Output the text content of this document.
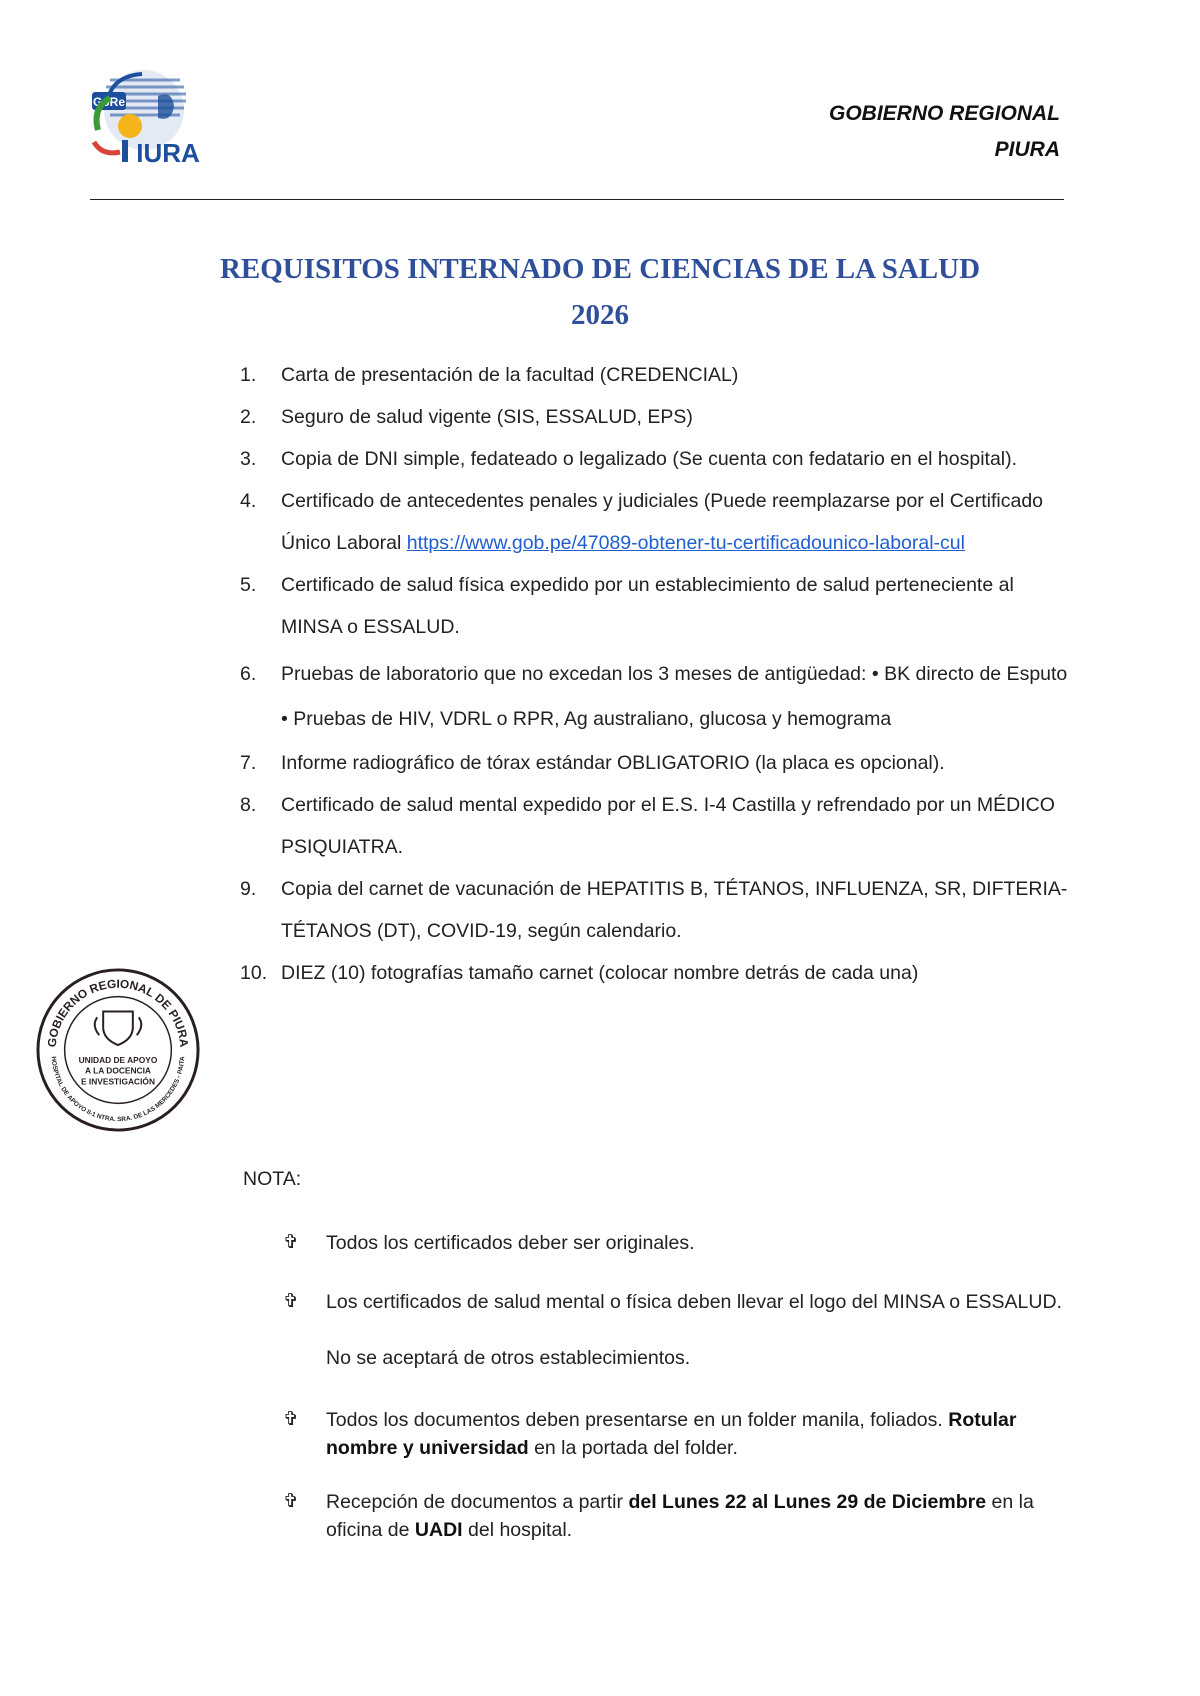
GoRe
IURA
GOBIERNO REGIONAL
PIURA
REQUISITOS INTERNADO DE CIENCIAS DE LA SALUD
2026
1. Carta de presentación de la facultad (CREDENCIAL)
2. Seguro de salud vigente (SIS, ESSALUD, EPS)
3. Copia de DNI simple, fedateado o legalizado (Se cuenta con fedatario en el hospital).
4. Certificado de antecedentes penales y judiciales (Puede reemplazarse por el Certificado Único Laboral https://www.gob.pe/47089-obtener-tu-certificadounico-laboral-cul
5. Certificado de salud física expedido por un establecimiento de salud perteneciente al MINSA o ESSALUD.
6. Pruebas de laboratorio que no excedan los 3 meses de antigüedad: • BK directo de Esputo • Pruebas de HIV, VDRL o RPR, Ag australiano, glucosa y hemograma
7. Informe radiográfico de tórax estándar OBLIGATORIO (la placa es opcional).
8. Certificado de salud mental expedido por el E.S. I-4 Castilla y refrendado por un MÉDICO PSIQUIATRA.
9. Copia del carnet de vacunación de HEPATITIS B, TÉTANOS, INFLUENZA, SR, DIFTERIA-TÉTANOS (DT), COVID-19, según calendario.
10. DIEZ (10) fotografías tamaño carnet (colocar nombre detrás de cada una)
NOTA:
✞ Todos los certificados deber ser originales.
✞ Los certificados de salud mental o física deben llevar el logo del MINSA o ESSALUD. No se aceptará de otros establecimientos.
✞ Todos los documentos deben presentarse en un folder manila, foliados. Rotular nombre y universidad en la portada del folder.
✞ Recepción de documentos a partir del Lunes 22 al Lunes 29 de Diciembre en la oficina de UADI del hospital.
GOBIERNO REGIONAL DE PIURA
HOSPITAL DE APOYO II-1 NTRA. SRA. DE LAS MERCEDES - PAITA
UNIDAD DE APOYO
A LA DOCENCIA
E INVESTIGACIÓN
